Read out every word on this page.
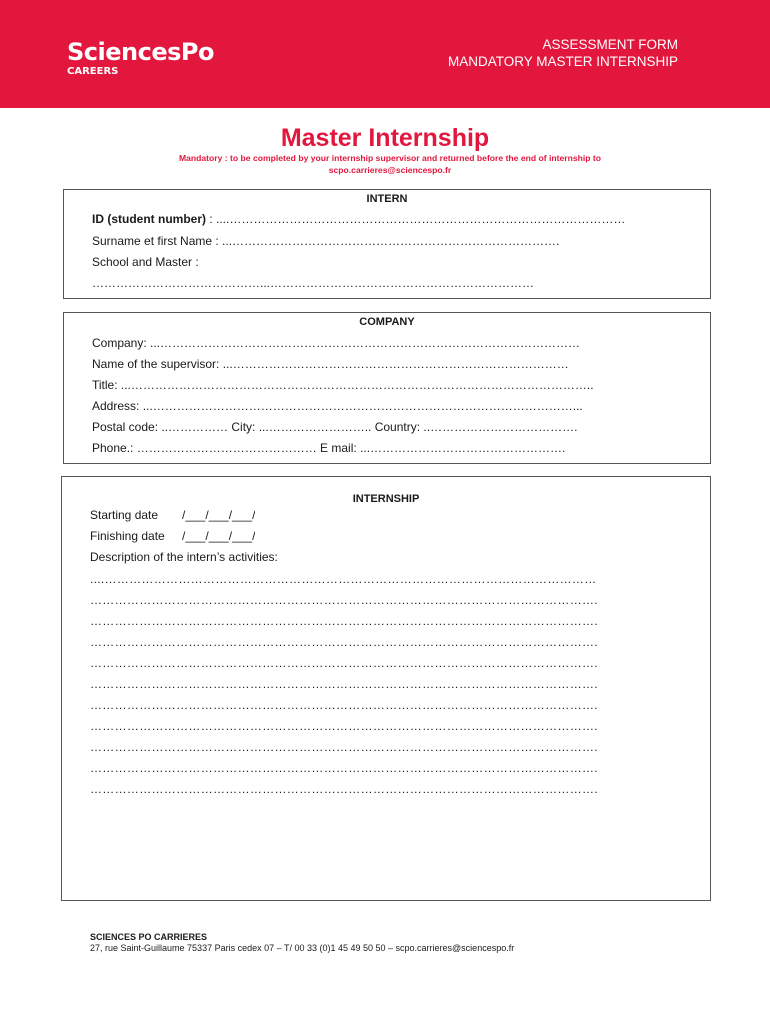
SciencesPo
CAREERS
ASSESSMENT FORM
MANDATORY MASTER INTERNSHIP
Master Internship
Mandatory : to be completed by your internship supervisor and returned before the end of internship to
scpo.carrieres@sciencespo.fr
INTERN
ID (student number) : ....………………………………………………………………………………………
Surname et first Name : ...……………………………………………………………………….
School and Master :
……………………………………...…………………………………………………………
COMPANY
Company: ...……………………………………………………………………………………………
Name of the supervisor: ...…………………………………………………………………………
Title: ...……………………………………………………………………………………………………..
Address: ...……………………………………………………………………………………………...
Postal code: ..…………… City: ...…………………….. Country: ..……………………………….
Phone.: ……………………………………… E mail: ...………………………………………….
INTERNSHIP
Starting date /___/___/___/
Finishing date /___/___/___/
Description of the intern’s activities:
....…………………………………………………………………………………………………………
…………………………………………………………………………………………………………….
…………………………………………………………………………………………………………….
…………………………………………………………………………………………………………….
…………………………………………………………………………………………………………….
…………………………………………………………………………………………………………….
…………………………………………………………………………………………………………….
…………………………………………………………………………………………………………….
…………………………………………………………………………………………………………….
…………………………………………………………………………………………………………….
…………………………………………………………………………………………………………….
SCIENCES PO CARRIERES
27, rue Saint-Guillaume 75337 Paris cedex 07 – T/ 00 33 (0)1 45 49 50 50 – scpo.carrieres@sciencespo.fr
